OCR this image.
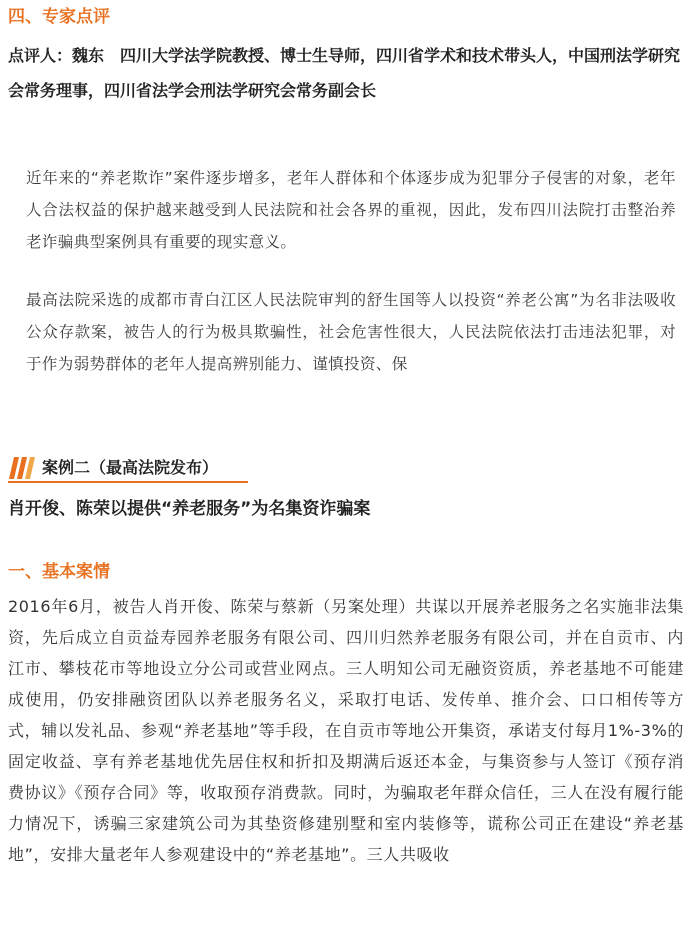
四、专家点评

点评人：魏东　四川大学法学院教授、博士生导师，四川省学术和技术带头人，中国刑法学研究会常务理事，四川省法学会刑法学研究会常务副会长

近年来的“养老欺诈”案件逐步增多，老年人群体和个体逐步成为犯罪分子侵害的对象，老年人合法权益的保护越来越受到人民法院和社会各界的重视，因此，发布四川法院打击整治养老诈骗典型案例具有重要的现实意义。

最高法院采选的成都市青白江区人民法院审判的舒生国等人以投资“养老公寓”为名非法吸收公众存款案，被告人的行为极具欺骗性，社会危害性很大，人民法院依法打击违法犯罪，对于作为弱势群体的老年人提高辨别能力、谨慎投资、保

案例二（最高法院发布）
肖开俊、陈荣以提供“养老服务”为名集资诈骗案
一、基本案情

2016年6月，被告人肖开俊、陈荣与蔡新（另案处理）共谋以开展养老服务之名实施非法集资，先后成立自贡益寿园养老服务有限公司、四川归然养老服务有限公司，并在自贡市、内江市、攀枝花市等地设立分公司或营业网点。三人明知公司无融资资质，养老基地不可能建成使用，仍安排融资团队以养老服务名义，采取打电话、发传单、推介会、口口相传等方式，辅以发礼品、参观“养老基地”等手段，在自贡市等地公开集资，承诺支付每月1%-3%的固定收益、享有养老基地优先居住权和折扣及期满后返还本金，与集资参与人签订《预存消费协议》《预存合同》等，收取预存消费款。同时，为骗取老年群众信任，三人在没有履行能力情况下，诱骗三家建筑公司为其垫资修建别墅和室内装修等，谎称公司正在建设“养老基地”，安排大量老年人参观建设中的“养老基地”。三人共吸收
